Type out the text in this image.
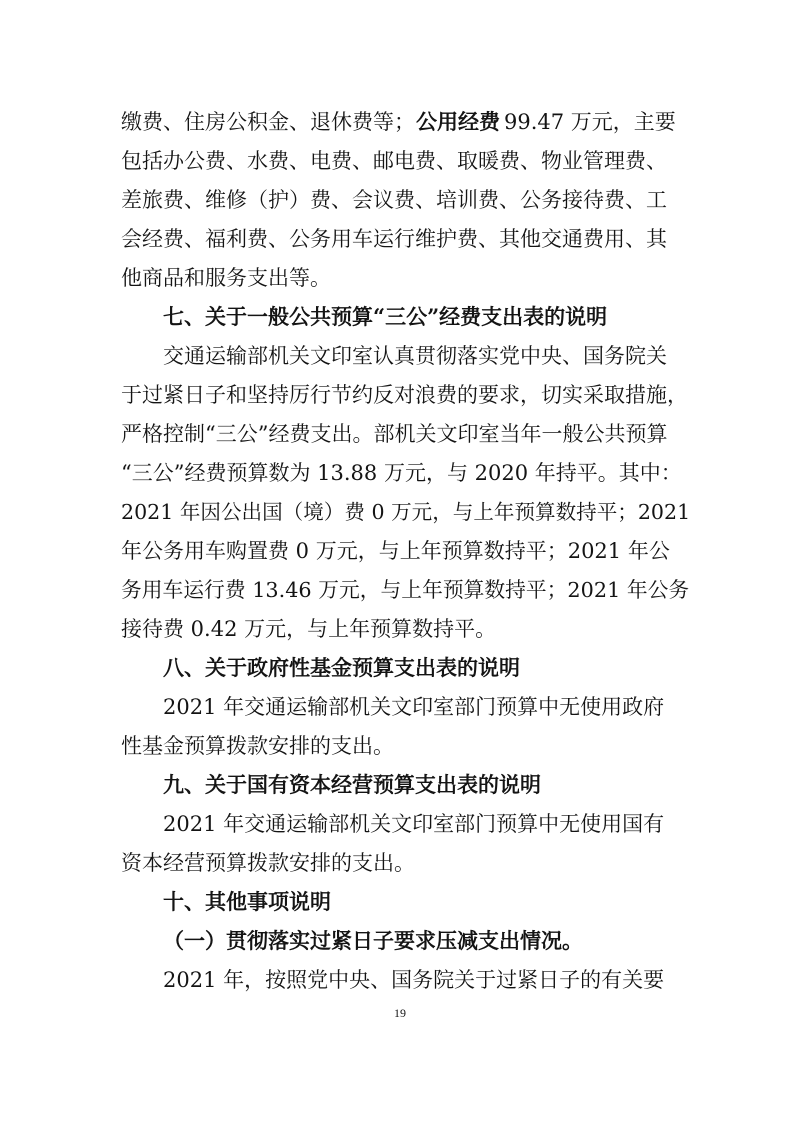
缴费、住房公积金、退休费等； 公用经费 99.47 万元，主要
包括办公费、水费、电费、邮电费、取暖费、物业管理费、
差旅费、维修（护）费、会议费、培训费、公务接待费、工
会经费、福利费、公务用车运行维护费、其他交通费用、其
他商品和服务支出等。
七、关于一般公共预算“三公”经费支出表的说明
交通运输部机关文印室认真贯彻落实党中央、国务院关
于过紧日子和坚持厉行节约反对浪费的要求，切实采取措施，
严格控制“三公”经费支出。部机关文印室当年一般公共预算
“三公”经费预算数为 13.88 万元，与 2020 年持平。其中：
2021 年因公出国（境）费 0 万元，与上年预算数持平；2021
年公务用车购置费 0 万元，与上年预算数持平；2021 年公
务用车运行费 13.46 万元，与上年预算数持平；2021 年公务
接待费 0.42 万元，与上年预算数持平。
八、关于政府性基金预算支出表的说明
2021 年交通运输部机关文印室部门预算中无使用政府
性基金预算拨款安排的支出。
九、关于国有资本经营预算支出表的说明
2021 年交通运输部机关文印室部门预算中无使用国有
资本经营预算拨款安排的支出。
十、其他事项说明
（一）贯彻落实过紧日子要求压减支出情况。
2021 年，按照党中央、国务院关于过紧日子的有关要
19
